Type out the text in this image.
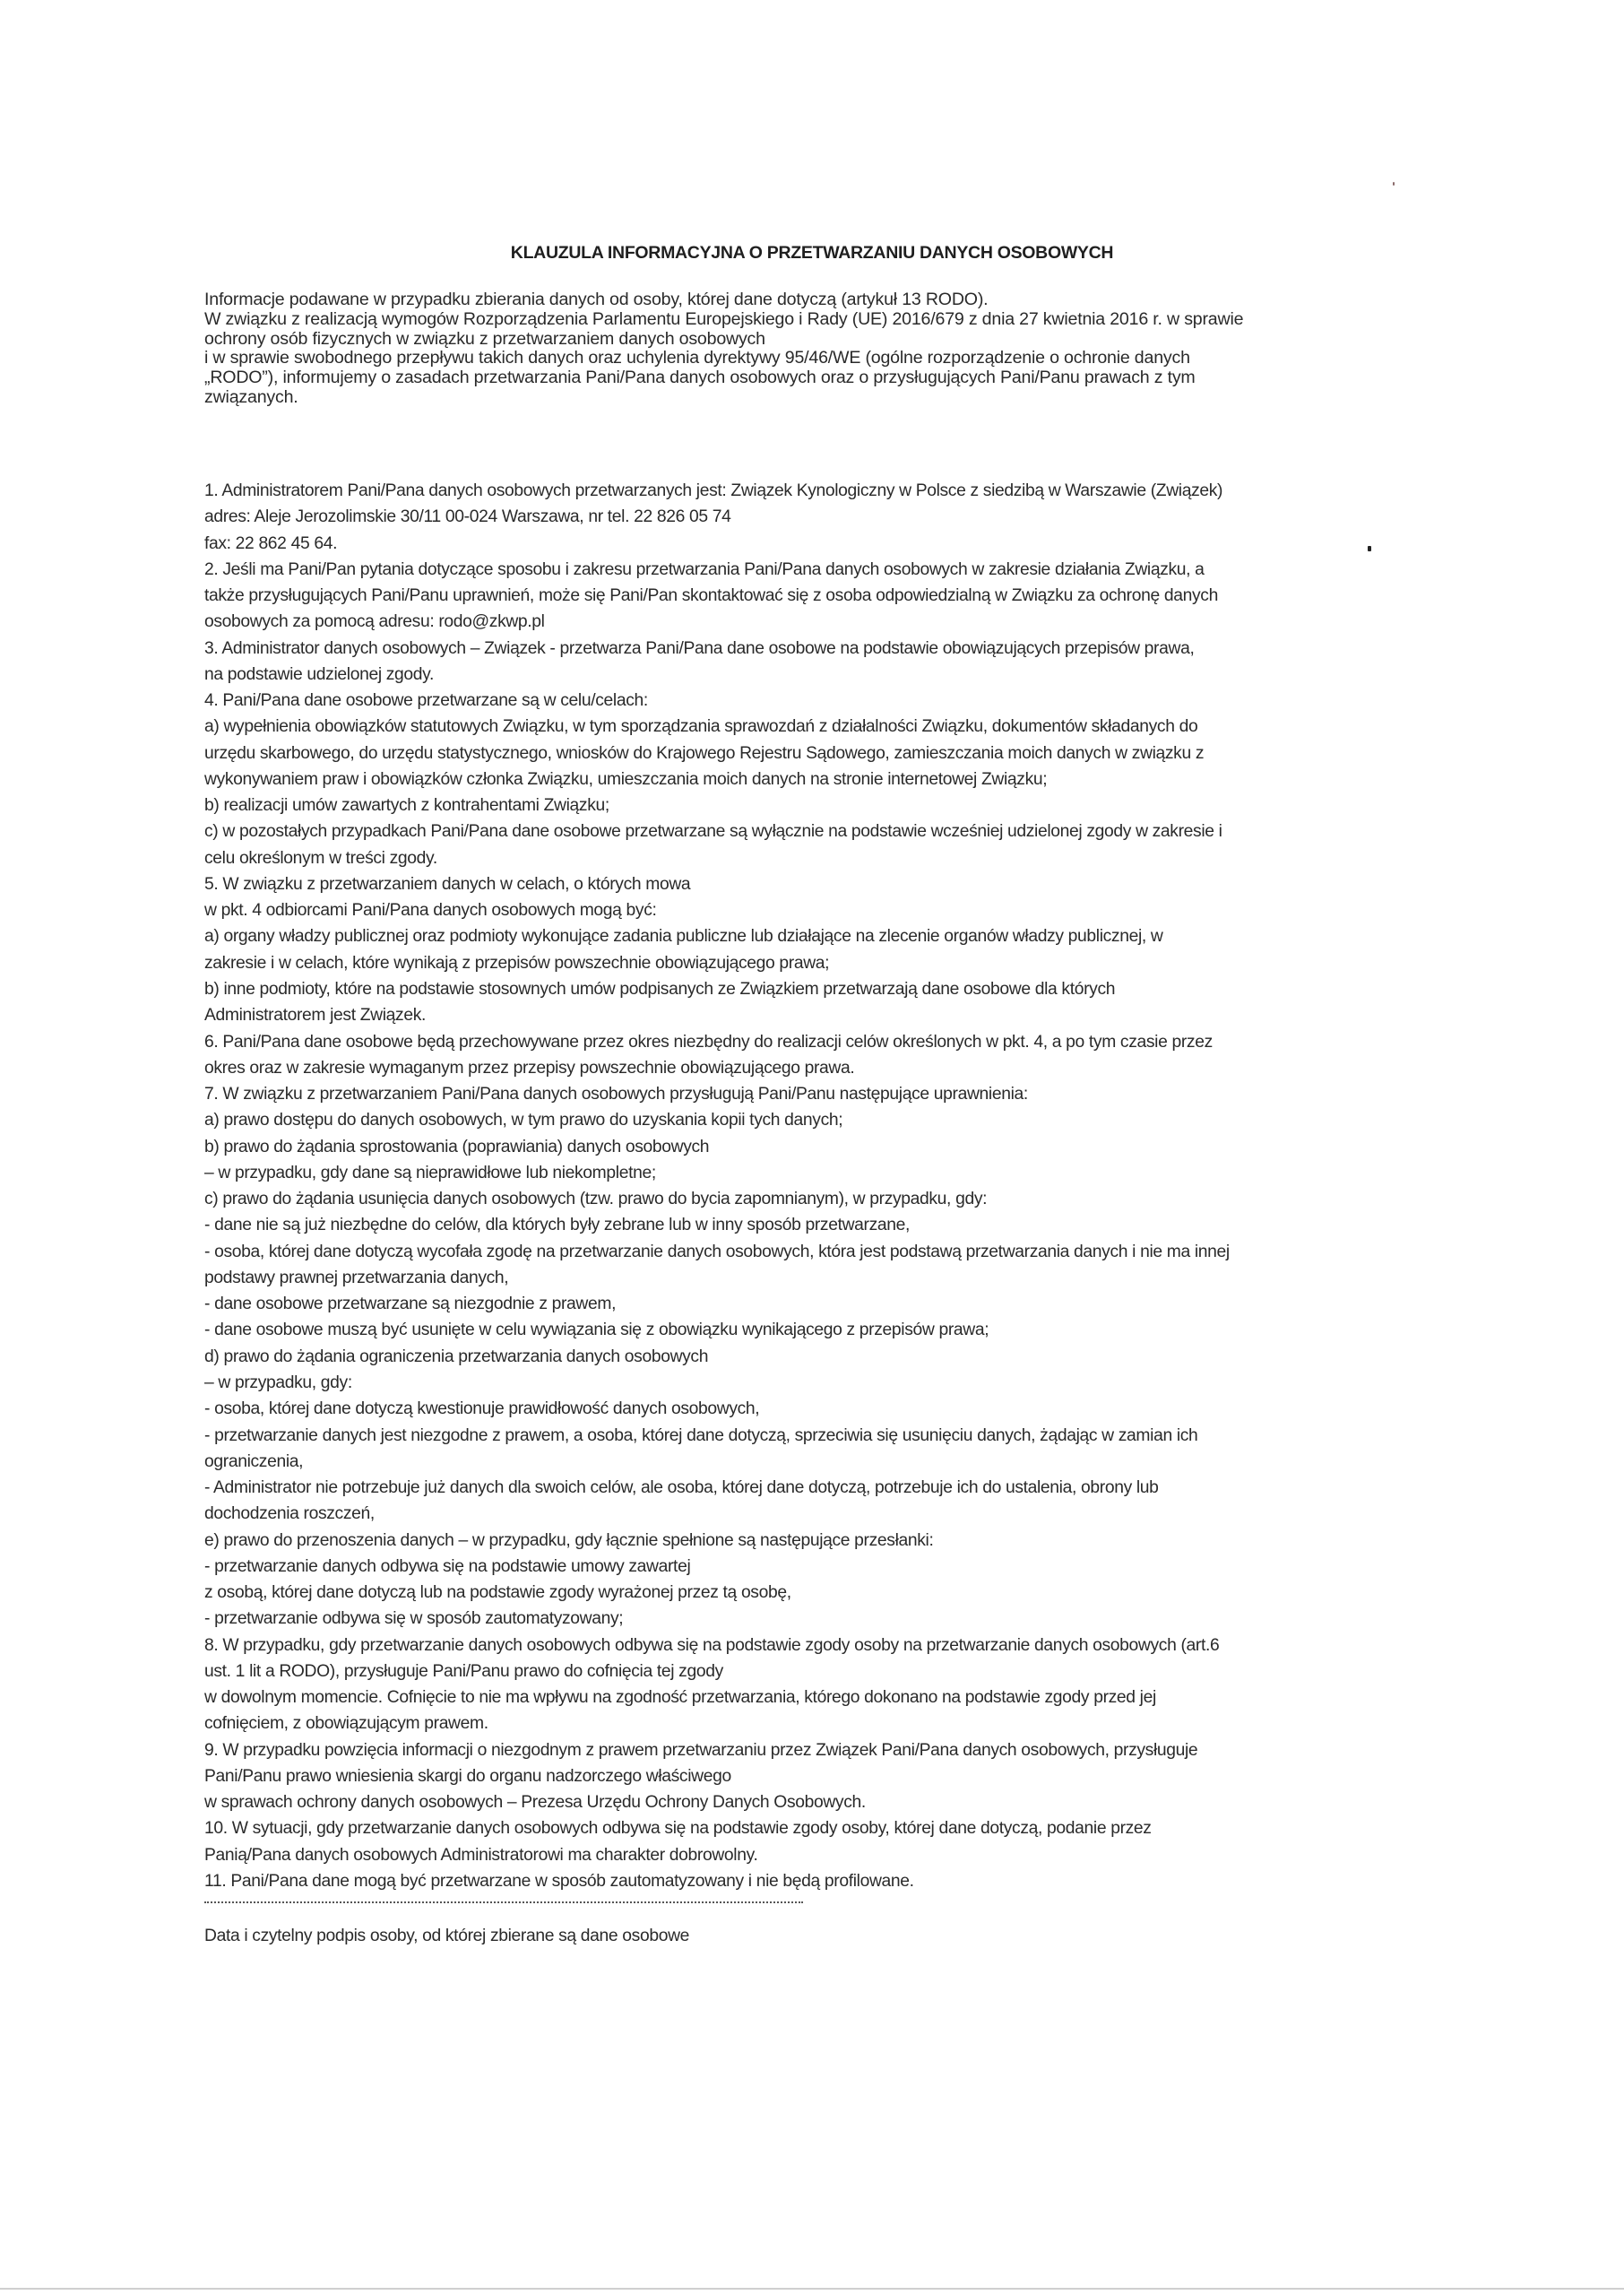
KLAUZULA INFORMACYJNA O PRZETWARZANIU DANYCH OSOBOWYCH
Informacje podawane w przypadku zbierania danych od osoby, której dane dotyczą (artykuł 13 RODO).
W związku z realizacją wymogów Rozporządzenia Parlamentu Europejskiego i Rady (UE) 2016/679 z dnia 27 kwietnia 2016 r. w sprawie
ochrony osób fizycznych w związku z przetwarzaniem danych osobowych
i w sprawie swobodnego przepływu takich danych oraz uchylenia dyrektywy 95/46/WE (ogólne rozporządzenie o ochronie danych
„RODO”), informujemy o zasadach przetwarzania Pani/Pana danych osobowych oraz o przysługujących Pani/Panu prawach z tym
związanych.
1. Administratorem Pani/Pana danych osobowych przetwarzanych jest: Związek Kynologiczny w Polsce z siedzibą w Warszawie (Związek)
adres: Aleje Jerozolimskie 30/11 00-024 Warszawa, nr tel. 22 826 05 74
fax: 22 862 45 64.
2. Jeśli ma Pani/Pan pytania dotyczące sposobu i zakresu przetwarzania Pani/Pana danych osobowych w zakresie działania Związku, a
także przysługujących Pani/Panu uprawnień, może się Pani/Pan skontaktować się z osoba odpowiedzialną w Związku za ochronę danych
osobowych za pomocą adresu: rodo@zkwp.pl
3. Administrator danych osobowych – Związek - przetwarza Pani/Pana dane osobowe na podstawie obowiązujących przepisów prawa,
na podstawie udzielonej zgody.
4. Pani/Pana dane osobowe przetwarzane są w celu/celach:
a) wypełnienia obowiązków statutowych Związku, w tym sporządzania sprawozdań z działalności Związku, dokumentów składanych do
urzędu skarbowego, do urzędu statystycznego, wniosków do Krajowego Rejestru Sądowego, zamieszczania moich danych w związku z
wykonywaniem praw i obowiązków członka Związku, umieszczania moich danych na stronie internetowej Związku;
b) realizacji umów zawartych z kontrahentami Związku;
c) w pozostałych przypadkach Pani/Pana dane osobowe przetwarzane są wyłącznie na podstawie wcześniej udzielonej zgody w zakresie i
celu określonym w treści zgody.
5. W związku z przetwarzaniem danych w celach, o których mowa
w pkt. 4 odbiorcami Pani/Pana danych osobowych mogą być:
a) organy władzy publicznej oraz podmioty wykonujące zadania publiczne lub działające na zlecenie organów władzy publicznej, w
zakresie i w celach, które wynikają z przepisów powszechnie obowiązującego prawa;
b) inne podmioty, które na podstawie stosownych umów podpisanych ze Związkiem przetwarzają dane osobowe dla których
Administratorem jest Związek.
6. Pani/Pana dane osobowe będą przechowywane przez okres niezbędny do realizacji celów określonych w pkt. 4, a po tym czasie przez
okres oraz w zakresie wymaganym przez przepisy powszechnie obowiązującego prawa.
7. W związku z przetwarzaniem Pani/Pana danych osobowych przysługują Pani/Panu następujące uprawnienia:
a) prawo dostępu do danych osobowych, w tym prawo do uzyskania kopii tych danych;
b) prawo do żądania sprostowania (poprawiania) danych osobowych
– w przypadku, gdy dane są nieprawidłowe lub niekompletne;
c) prawo do żądania usunięcia danych osobowych (tzw. prawo do bycia zapomnianym), w przypadku, gdy:
- dane nie są już niezbędne do celów, dla których były zebrane lub w inny sposób przetwarzane,
- osoba, której dane dotyczą wycofała zgodę na przetwarzanie danych osobowych, która jest podstawą przetwarzania danych i nie ma innej
podstawy prawnej przetwarzania danych,
- dane osobowe przetwarzane są niezgodnie z prawem,
- dane osobowe muszą być usunięte w celu wywiązania się z obowiązku wynikającego z przepisów prawa;
d) prawo do żądania ograniczenia przetwarzania danych osobowych
– w przypadku, gdy:
- osoba, której dane dotyczą kwestionuje prawidłowość danych osobowych,
- przetwarzanie danych jest niezgodne z prawem, a osoba, której dane dotyczą, sprzeciwia się usunięciu danych, żądając w zamian ich
ograniczenia,
- Administrator nie potrzebuje już danych dla swoich celów, ale osoba, której dane dotyczą, potrzebuje ich do ustalenia, obrony lub
dochodzenia roszczeń,
e) prawo do przenoszenia danych – w przypadku, gdy łącznie spełnione są następujące przesłanki:
- przetwarzanie danych odbywa się na podstawie umowy zawartej
z osobą, której dane dotyczą lub na podstawie zgody wyrażonej przez tą osobę,
- przetwarzanie odbywa się w sposób zautomatyzowany;
8. W przypadku, gdy przetwarzanie danych osobowych odbywa się na podstawie zgody osoby na przetwarzanie danych osobowych (art.6
ust. 1 lit a RODO), przysługuje Pani/Panu prawo do cofnięcia tej zgody
w dowolnym momencie. Cofnięcie to nie ma wpływu na zgodność przetwarzania, którego dokonano na podstawie zgody przed jej
cofnięciem, z obowiązującym prawem.
9. W przypadku powzięcia informacji o niezgodnym z prawem przetwarzaniu przez Związek Pani/Pana danych osobowych, przysługuje
Pani/Panu prawo wniesienia skargi do organu nadzorczego właściwego
w sprawach ochrony danych osobowych – Prezesa Urzędu Ochrony Danych Osobowych.
10. W sytuacji, gdy przetwarzanie danych osobowych odbywa się na podstawie zgody osoby, której dane dotyczą, podanie przez
Panią/Pana danych osobowych Administratorowi ma charakter dobrowolny.
11. Pani/Pana dane mogą być przetwarzane w sposób zautomatyzowany i nie będą profilowane.
Data i czytelny podpis osoby, od której zbierane są dane osobowe
